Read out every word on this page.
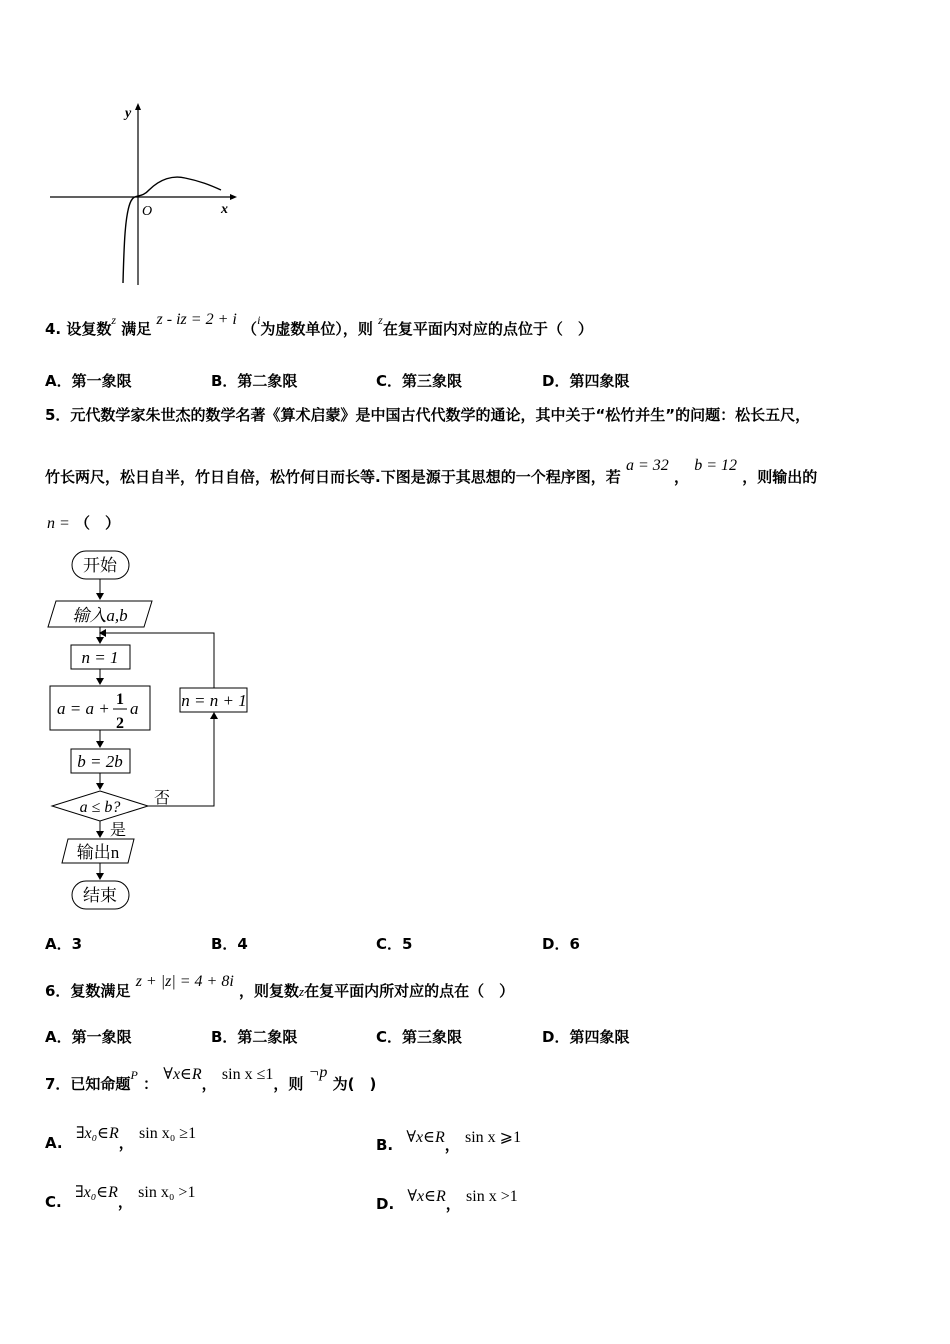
y
x
O
4. 设复数$^z$ 满足 z - iz = 2 + i （$^i$为虚数单位），则 $^z$在复平面内对应的点位于（　）
A．第一象限	B．第二象限	C．第三象限	D．第四象限
5．元代数学家朱世杰的数学名著《算术启蒙》是中国古代代数学的通论，其中关于“松竹并生”的问题：松长五尺，
竹长两尺，松日自半，竹日自倍，松竹何日而长等.下图是源于其思想的一个程序图，若 a = 32 ， b = 12 ，则输出的
n = （　）
开始
输入a,b
n = 1
a = a + 1
2
a
b = 2b
a ≤ b?
否
n = n + 1
是
输出n
结束
A．3	B．4	C．5	D．6
6．复数满足 z + |z| = 4 + 8i ，则复数z在复平面内所对应的点在（　）
A．第一象限	B．第二象限	C．第三象限	D．第四象限
7．已知命题$^P$ ： ∀x∈R， sin x ≤1，则 ¬p 为(　)
A. ∃x₀∈R， sin x₀ ≥1
B. ∀x∈R， sin x ⩾1
C. ∃x₀∈R， sin x₀ >1
D. ∀x∈R， sin x >1
